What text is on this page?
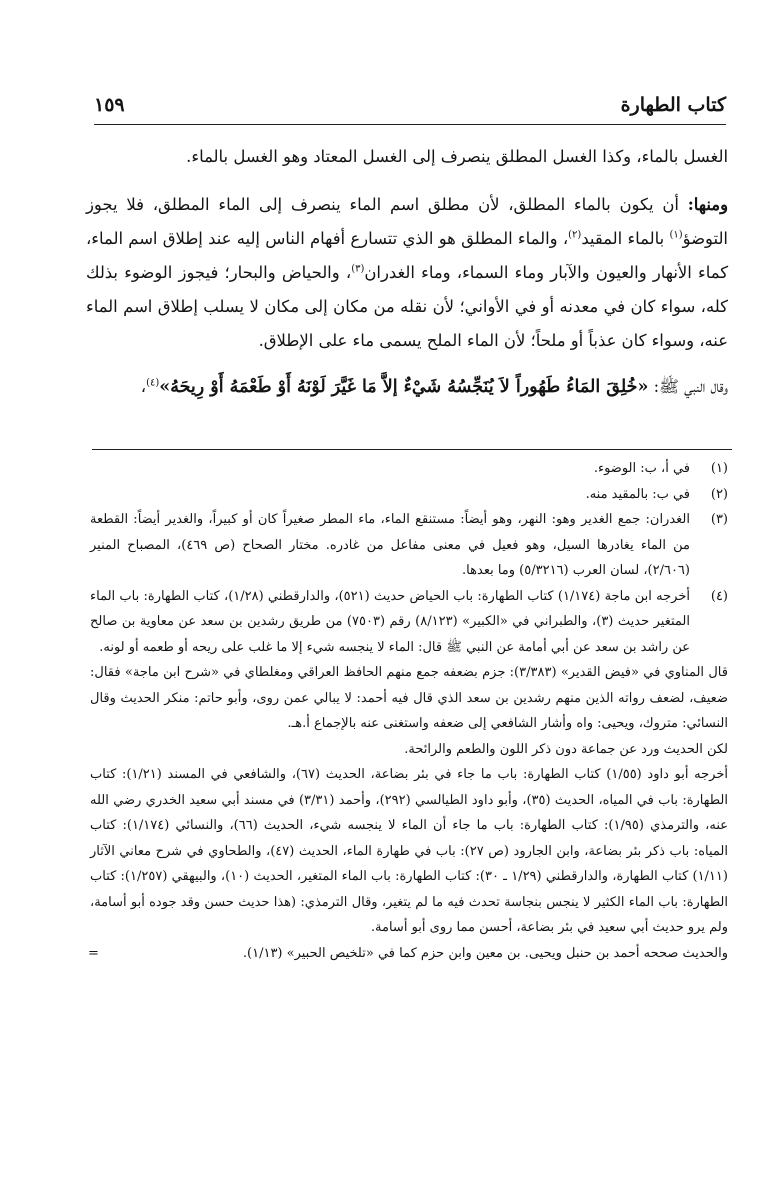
كتاب الطهارة
١٥٩

الغسل بالماء، وكذا الغسل المطلق ينصرف إلى الغسل المعتاد وهو الغسل بالماء.

ومنها: أن يكون بالماء المطلق، لأن مطلق اسم الماء ينصرف إلى الماء المطلق، فلا يجوز التوضؤ$^{(١)}$ بالماء المقيد$^{(٢)}$، والماء المطلق هو الذي تتسارع أفهام الناس إليه عند إطلاق اسم الماء، كماء الأنهار والعيون والآبار وماء السماء، وماء الغدران$^{(٣)}$، والحياض والبحار؛ فيجوز الوضوء بذلك كله، سواء كان في معدنه أو في الأواني؛ لأن نقله من مكان إلى مكان لا يسلب إطلاق اسم الماء عنه، وسواء كان عذباً أو ملحاً؛ لأن الماء الملح يسمى ماء على الإطلاق.

وقال النبي ﷺ: «خُلِقَ المَاءُ طَهُوراً لاَ يُنَجِّسُهُ شَيْءٌ إلاَّ مَا غَيَّرَ لَوْنَهُ أَوْ طَعْمَهُ أَوْ رِيحَهُ»$^{(٤)}$،

(١)
في أ، ب: الوضوء.
(٢)
في ب: بالمقيد منه.
(٣)
الغدران: جمع الغدير وهو: النهر، وهو أيضاً: مستنقع الماء، ماء المطر صغيراً كان أو كبيراً، والغدير أيضاً: القطعة من الماء يغادرها السيل، وهو فعيل في معنى مفاعل من غادره. مختار الصحاح (ص ٤٦٩)، المصباح المنير (٢/٦٠٦)، لسان العرب (٥/٣٢١٦) وما بعدها.
(٤)
أخرجه ابن ماجة (١/١٧٤) كتاب الطهارة: باب الحياض حديث (٥٢١)، والدارقطني (١/٢٨)، كتاب الطهارة: باب الماء المتغير حديث (٣)، والطبراني في «الكبير» (٨/١٢٣) رقم (٧٥٠٣) من طريق رشدين بن سعد عن معاوية بن صالح عن راشد بن سعد عن أبي أمامة عن النبي ﷺ قال: الماء لا ينجسه شيء إلا ما غلب على ريحه أو طعمه أو لونه.

قال المناوي في «فيض القدير» (٣/٣٨٣): جزم بضعفه جمع منهم الحافظ العراقي ومغلطاي في «شرح ابن ماجة» فقال: ضعيف، لضعف رواته الذين منهم رشدين بن سعد الذي قال فيه أحمد: لا يبالي عمن روى، وأبو حاتم: منكر الحديث وقال النسائي: متروك، ويحيى: واه وأشار الشافعي إلى ضعفه واستغنى عنه بالإجماع أ.هـ.

لكن الحديث ورد عن جماعة دون ذكر اللون والطعم والرائحة.

أخرجه أبو داود (١/٥٥) كتاب الطهارة: باب ما جاء في بئر بضاعة، الحديث (٦٧)، والشافعي في المسند (١/٢١): كتاب الطهارة: باب في المياه، الحديث (٣٥)، وأبو داود الطيالسي (٢٩٢)، وأحمد (٣/٣١) في مسند أبي سعيد الخدري رضي الله عنه، والترمذي (١/٩٥): كتاب الطهارة: باب ما جاء أن الماء لا ينجسه شيء، الحديث (٦٦)، والنسائي (١/١٧٤): كتاب المياه: باب ذكر بئر بضاعة، وابن الجارود (ص ٢٧): باب في طهارة الماء، الحديث (٤٧)، والطحاوي في شرح معاني الآثار (١/١١) كتاب الطهارة، والدارقطني (١/٢٩ ـ ٣٠): كتاب الطهارة: باب الماء المتغير، الحديث (١٠)، والبيهقي (١/٢٥٧): كتاب الطهارة: باب الماء الكثير لا ينجس بنجاسة تحدث فيه ما لم يتغير، وقال الترمذي: (هذا حديث حسن وقد جوده أبو أسامة، ولم يرو حديث أبي سعيد في بئر بضاعة، أحسن مما روى أبو أسامة.

والحديث صححه أحمد بن حنبل ويحيى. بن معين وابن حزم كما في «تلخيص الحبير» (١/١٣).
=
